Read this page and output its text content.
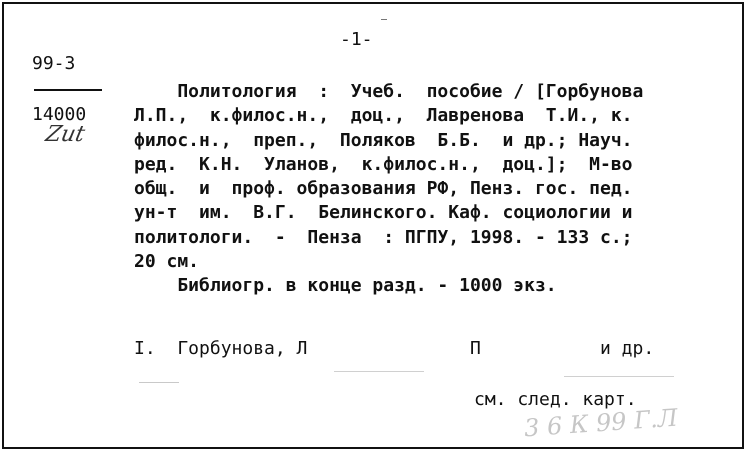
-1-
99-3
14000
Zut
Политология  :  Учеб.  пособие / [Горбунова
Л.П.,  к.филос.н.,  доц.,  Лавренова  Т.И., к.
филос.н.,  преп.,  Поляков  Б.Б.  и др.; Науч.
ред.  К.Н.  Уланов,  к.филос.н.,  доц.];  М-во
общ.  и  проф. образования РФ, Пенз. гос. пед.
ун-т  им.  В.Г.  Белинского. Каф. социологии и
политологи.  -  Пенза  : ПГПУ, 1998. - 133 с.;
20 см.
Библиогр. в конце разд. - 1000 экз.
I.  Горбунова, Л               П           и др.
см. след. карт.
3 6 К 99 Г.Л
